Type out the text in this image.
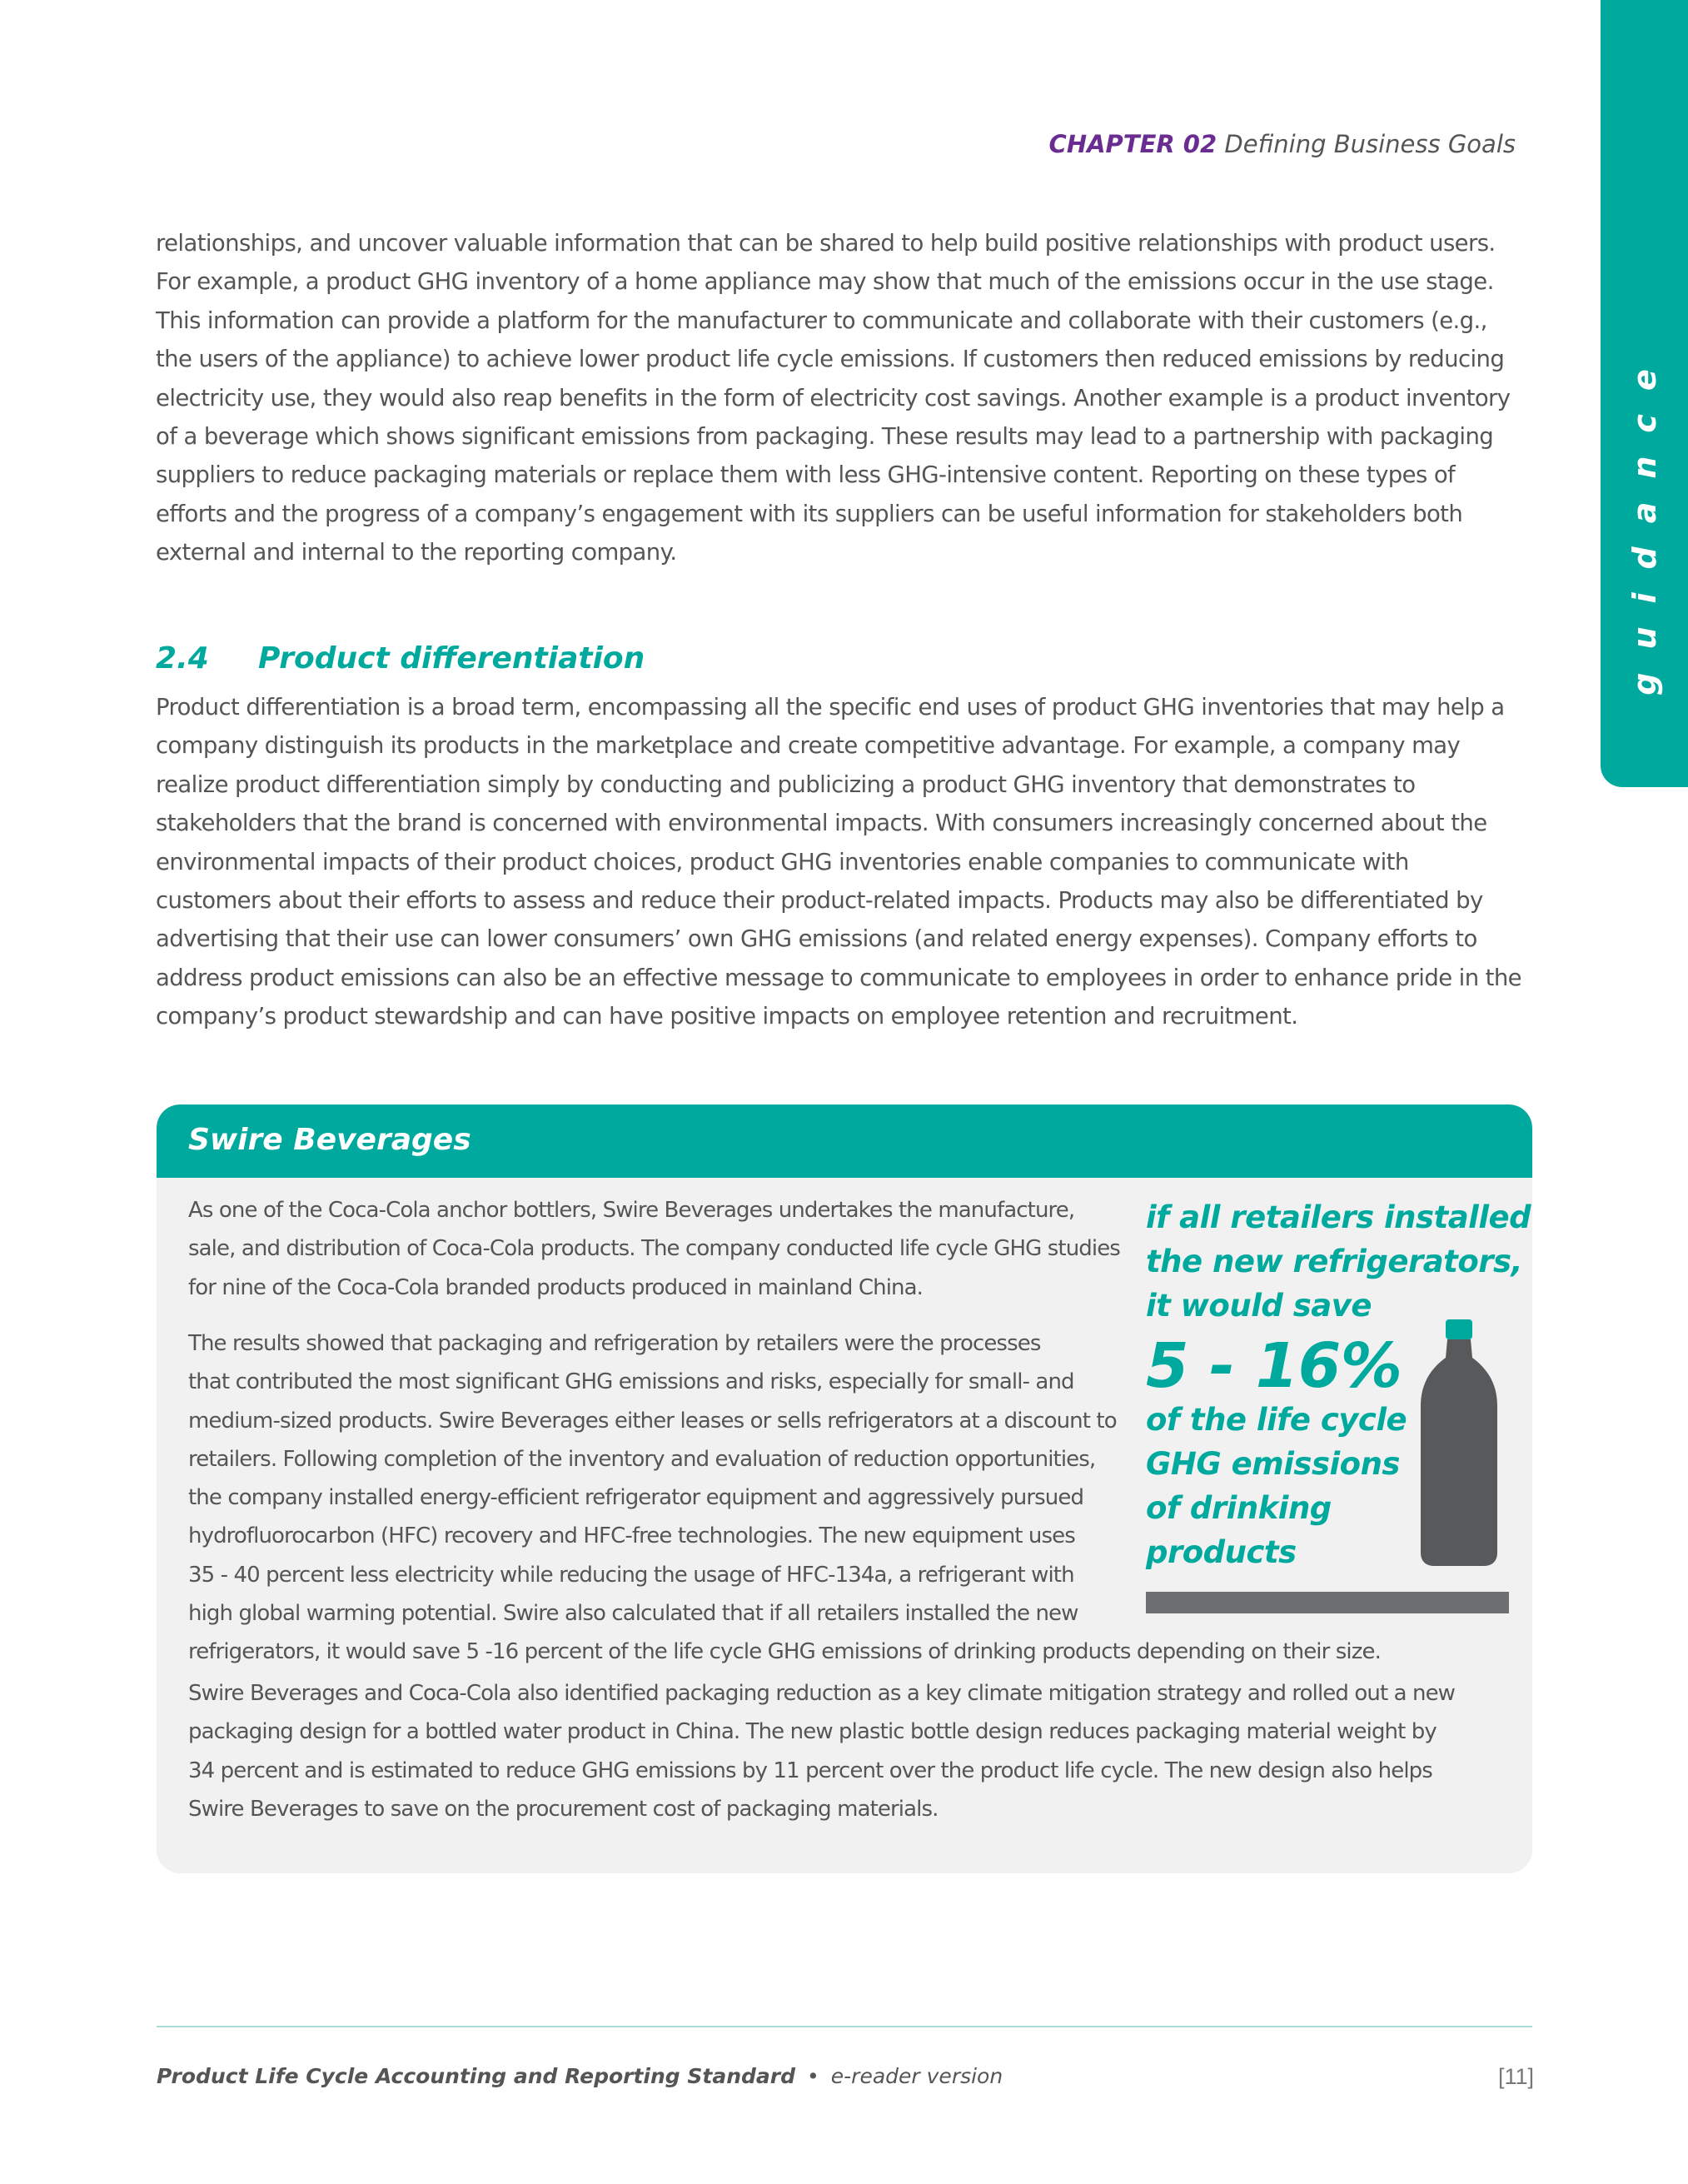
guidance
CHAPTER 02 Defining Business Goals

relationships, and uncover valuable information that can be shared to help build positive relationships with product users. For example, a product GHG inventory of a home appliance may show that much of the emissions occur in the use stage. This information can provide a platform for the manufacturer to communicate and collaborate with their customers (e.g., the users of the appliance) to achieve lower product life cycle emissions. If customers then reduced emissions by reducing electricity use, they would also reap benefits in the form of electricity cost savings. Another example is a product inventory of a beverage which shows significant emissions from packaging. These results may lead to a partnership with packaging suppliers to reduce packaging materials or replace them with less GHG-intensive content. Reporting on these types of efforts and the progress of a company’s engagement with its suppliers can be useful information for stakeholders both external and internal to the reporting company.

2.4 Product differentiation

Product differentiation is a broad term, encompassing all the specific end uses of product GHG inventories that may help a company distinguish its products in the marketplace and create competitive advantage. For example, a company may realize product differentiation simply by conducting and publicizing a product GHG inventory that demonstrates to stakeholders that the brand is concerned with environmental impacts. With consumers increasingly concerned about the environmental impacts of their product choices, product GHG inventories enable companies to communicate with customers about their efforts to assess and reduce their product-related impacts. Products may also be differentiated by advertising that their use can lower consumers’ own GHG emissions (and related energy expenses). Company efforts to address product emissions can also be an effective message to communicate to employees in order to enhance pride in the company’s product stewardship and can have positive impacts on employee retention and recruitment.

Swire Beverages

As one of the Coca-Cola anchor bottlers, Swire Beverages undertakes the manufacture, sale, and distribution of Coca-Cola products. The company conducted life cycle GHG studies for nine of the Coca-Cola branded products produced in mainland China.

The results showed that packaging and refrigeration by retailers were the processes
that contributed the most significant GHG emissions and risks, especially for small- and
medium-sized products. Swire Beverages either leases or sells refrigerators at a discount to
retailers. Following completion of the inventory and evaluation of reduction opportunities,
the company installed energy-efficient refrigerator equipment and aggressively pursued
hydrofluorocarbon (HFC) recovery and HFC-free technologies. The new equipment uses
35 - 40 percent less electricity while reducing the usage of HFC-134a, a refrigerant with
high global warming potential. Swire also calculated that if all retailers installed the new
refrigerators, it would save 5 -16 percent of the life cycle GHG emissions of drinking products depending on their size.
Swire Beverages and Coca-Cola also identified packaging reduction as a key climate mitigation strategy and rolled out a new
packaging design for a bottled water product in China. The new plastic bottle design reduces packaging material weight by
34 percent and is estimated to reduce GHG emissions by 11 percent over the product life cycle. The new design also helps
Swire Beverages to save on the procurement cost of packaging materials.
if all retailers installed
the new refrigerators,
it would save
5 - 16%
of the life cycle
GHG emissions
of drinking
products
Product Life Cycle Accounting and Reporting Standard • e-reader version	[11]
